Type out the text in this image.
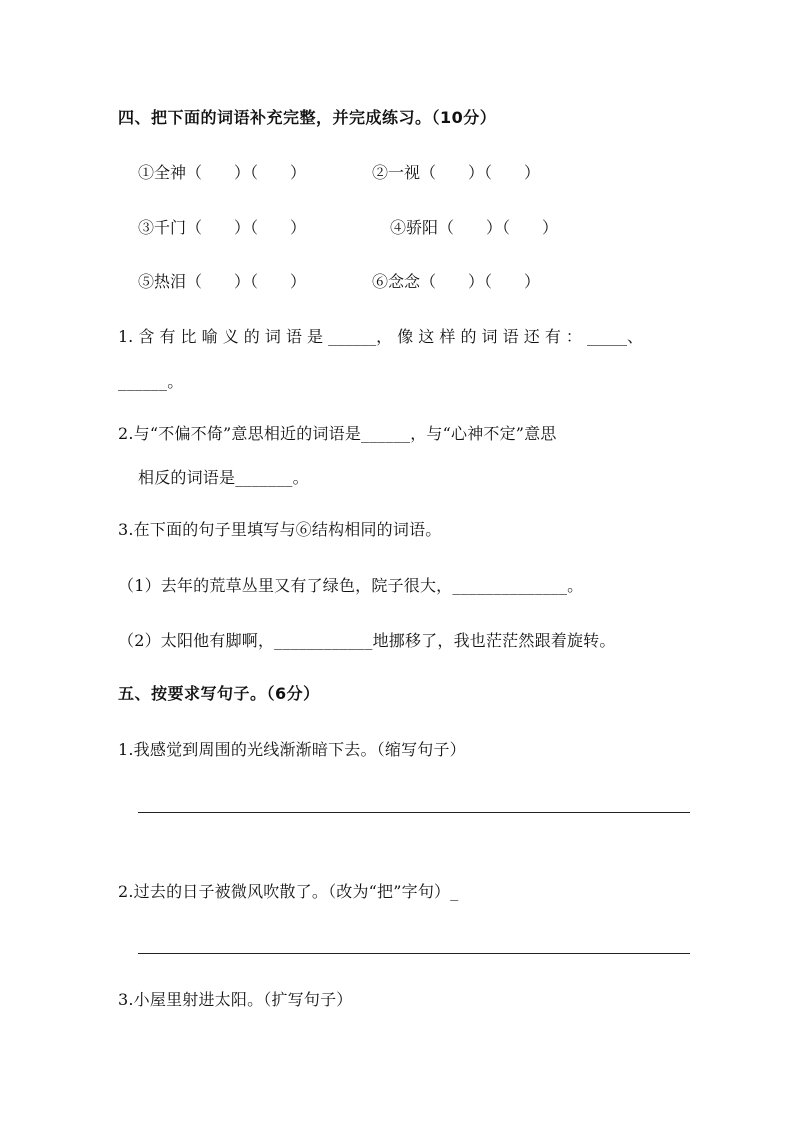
四、把下面的词语补充完整，并完成练习。（10分）
①全神（　　）（　　）	②一视（　　）（　　）
③千门（　　）（　　）	④骄阳（　　）（　　）
⑤热泪（　　）（　　）	⑥念念（　　）（　　）
1. 含 有 比 喻 义 的 词 语 是 ______， 像 这 样 的 词 语 还 有 ： _____、
______。
2.与“不偏不倚”意思相近的词语是______，与“心神不定”意思
相反的词语是_______。
3.在下面的句子里填写与⑥结构相同的词语。
（1）去年的荒草丛里又有了绿色，院子很大，______________。
（2）太阳他有脚啊，____________地挪移了，我也茫茫然跟着旋转。
五、按要求写句子。（6分）
1.我感觉到周围的光线渐渐暗下去。（缩写句子）
2.过去的日子被微风吹散了。（改为“把”字句）_
3.小屋里射进太阳。（扩写句子）
